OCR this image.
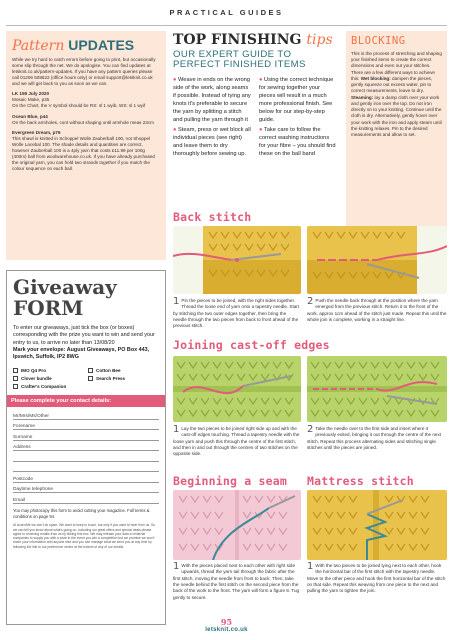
PRACTICAL GUIDES
Pattern UPDATES

While we try hard to catch errors before going to print, but occasionally some slip through the net. We do apologise. You can find updates at letsknit.co.uk/pattern-updates. If you have any pattern queries please call 01206 508622 (office hours only) or email support@letsknit.co.uk and we will get back to you as soon as we can.

LK 159 July 2020

Mosaic Make, p35

On the Chart, the V symbol should be RS: sl 1 wyib, WS: sl 1 wyif

Ocean Blue, p44

On the back armholes, cont without shaping until armhole meas 23cm

Evergreen Dream, p76

This shawl is knitted in Schoppel Wolle Zauberball 100, not Shoppel Wolle Lacebal 100. The shade details and quantities are correct, however Zauberball 100 is a 4ply yarn that costs £11.99 per 100g (400m) ball from woolwarehouse.co.uk. If you have already purchased the original yarn, you can hold two strands together if you match the colour sequence on each ball.

Giveaway
FORM

To enter our giveaways, just tick the box (or boxes) corresponding with the prize you want to win and send your entry to us, to arrive no later than 13/08/20

Mark your envelope: August Giveaways, PO Box 443, Ipswich, Suffolk, IP2 8WG

IMO Q4 Pro	Cotton Bee
Clover bundle	Search Press
Crafter's Companion
Please complete your contact details:
Mr/Mrs/Ms/Other
Forename
Surname
Address
Postcode
Daytime telephone
Email

You may photocopy this form to avoid cutting your magazine. Full terms & conditions on page 94.

At Acorn/life we don't do spam. We want to keep in touch, but only if you want to hear from us. So we can tell you know about what's going on, including our great offers and special deals please agree to receiving emails from us by ticking this box. We may release your data to external companies to supply you with a prize in the event you win a competition but we promise we won't share your information with anyone else and you can manage what we send you at any time by following the link to our preference centre at the bottom of any of our emails.

TOP FINISHING tips
OUR EXPERT GUIDE TO PERFECT FINISHED ITEMS
● Weave in ends on the wrong side of the work, along seams if possible. Instead of tying any knots it's preferable to secure the yarn by splitting a stitch and pulling the yarn through it
● Steam, press or wet block all individual pieces (see right) and leave them to dry thoroughly before sewing up.
● Using the correct technique for sewing together your pieces will result in a much more professional finish. See below for our step-by-step guide.
● Take care to follow the correct washing instructions for your fibre – you should find these on the ball band
BLOCKING

This is the process of stretching and shaping your finished items to create the correct dimensions and even out your stitches. There are a few different ways to achieve this: Wet blocking: dampen the pieces, gently squeeze out excess water, pin to correct measurements, leave to dry. Steaming: lay a damp cloth over your work and gently iron over the top. Do not iron directly on to your knitting. Continue until the cloth is dry. Alternatively, gently hover over your work with the iron and apply steam until the knitting relaxes. Pin to the desired measurements and allow to set.

Back stitch
1 Pin the pieces to be joined, with the right sides together. Thread the loose end of yarn onto a tapestry needle. Start by stitching the two outer edges together, then bring the needle through the two pieces from back to front ahead of the previous stitch.
2 Push the needle back through at the position where the yarn emerged from the previous stitch. Return it to the front of the work, approx 1cm ahead of the stitch just made. Repeat this until the whole join is complete, working in a straight line.
Joining cast-off edges
1 Lay the two pieces to be joined right side up and with the cast-off edges touching. Thread a tapestry needle with the loose yarn and push this through the centre of the first stitch, and then in and out through the centres of two stitches on the opposite side.
2 Take the needle over to the first side and insert where it previously exited, bringing it out through the centre of the next stitch. Repeat this process alternating sides and stitching single stitches until the pieces are joined.
Beginning a seam
1 With the pieces placed next to each other with right side upwards, thread the yarn tail through the fabric after the first stitch, moving the needle from front to back. Then, take the needle behind the first stitch on the second piece from the back of the work to the front. The yarn will form a figure 8. Tug gently to secure.
Mattress stitch
1 With the two pieces to be joined lying next to each other, hook the horizontal bar of the first stitch with the tapestry needle. Move to the other piece and hook the first horizontal bar of the stitch on that side. Repeat this weaving from one piece to the next and pulling the yarn to tighten the join.
95
letsknit.co.uk
